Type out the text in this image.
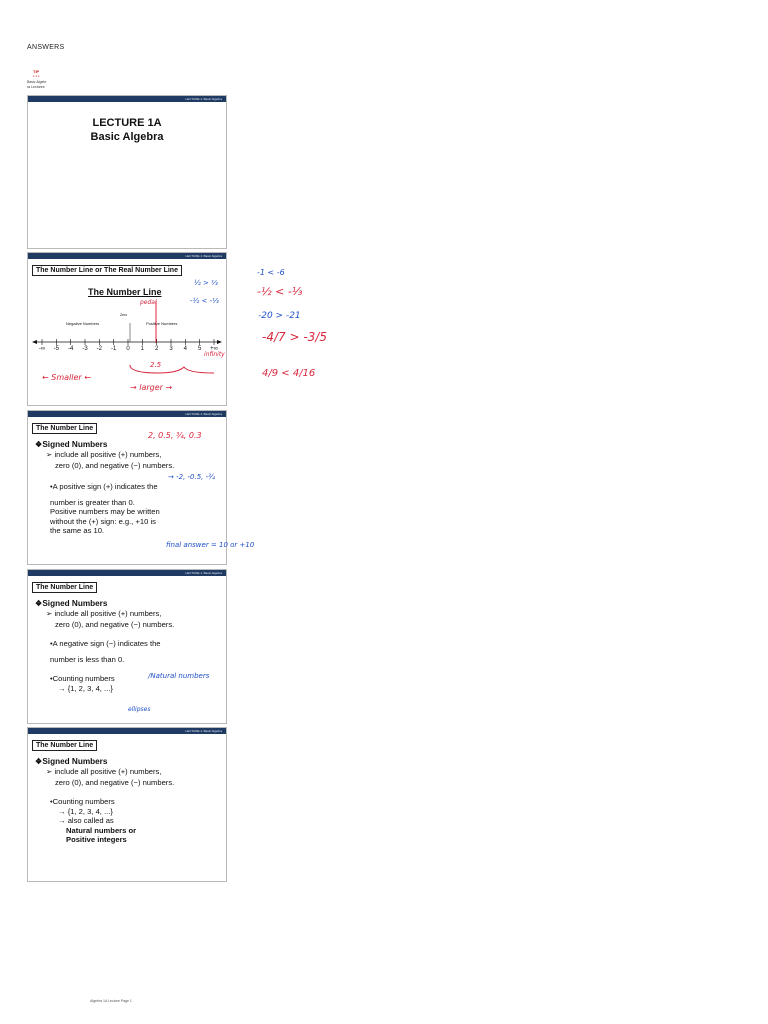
ANSWERS
TIP
1.1.1
Basic Algebr
ra Lectures
LECTURE 1: Basic Algebra
LECTURE 1A
Basic Algebra
LECTURE 1: Basic Algebra
The Number Line or The Real Number Line
The Number Line
Zero
Negative Numbers	Positive Numbers
-∞	-5	-4	-3	-2	-1	0	1	2	3	4	5	+∞
← Smaller ←
→ larger →
2.5
infinity
pedal
½ > ⅓
-½ < -⅓
-1 < -6
-½ < -⅓
-20 > -21
-4/7 > -3/5
4/9 < 4/16
LECTURE 1: Basic Algebra
The Number Line
❖Signed Numbers
➢ include all positive (+) numbers,
zero (0), and negative (−) numbers.
•A positive sign (+) indicates the
number is greater than 0.
Positive numbers may be written
without the (+) sign: e.g., +10 is
the same as 10.
2, 0.5, ¾, 0.3
→ -2, -0.5, -¾
final answer = 10 or +10
LECTURE 1: Basic Algebra
The Number Line
❖Signed Numbers
➢ include all positive (+) numbers,
zero (0), and negative (−) numbers.
•A negative sign (−) indicates the
number is less than 0.
•Counting numbers
→ {1, 2, 3, 4, ...}
/Natural numbers
ellipses
LECTURE 1: Basic Algebra
The Number Line
❖Signed Numbers
➢ include all positive (+) numbers,
zero (0), and negative (−) numbers.
•Counting numbers
→ {1, 2, 3, 4, ...}
→ also called as
Natural numbers or
Positive integers
Algebra 1A Lecture Page 1
